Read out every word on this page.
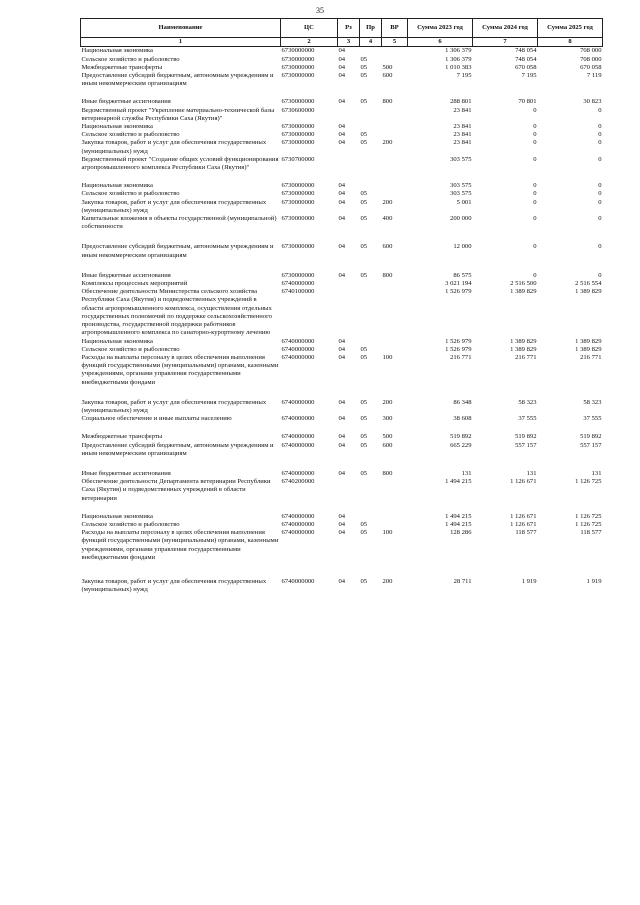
35
Наименование	ЦС	Рз	Пр	ВР	Сумма 2023 год	Сумма 2024 год	Сумма 2025 год
1	2	3	4	5	6	7	8
Национальная экономика	6730000000	04			1 306 379	748 054	708 000
Сельское хозяйство и рыболовство	6730000000	04	05		1 306 379	748 054	708 000
Межбюджетные трансферты	6730000000	04	05	500	1 010 383	670 058	670 058
Предоставление субсидий бюджетным, автономным учреждениям и иным некоммерческим организациям	6730000000	04	05	600	7 195	7 195	7 119
Иные бюджетные ассигнования	6730000000	04	05	800	288 801	70 801	30 823
Ведомственный проект "Укрепление материально-технической базы ветеринарной службы Республики Саха (Якутия)"	6730600000				23 841	0	0
Национальная экономика	6730000000	04			23 841	0	0
Сельское хозяйство и рыболовство	6730000000	04	05		23 841	0	0
Закупка товаров, работ и услуг для обеспечения государственных (муниципальных) нужд	6730000000	04	05	200	23 841	0	0
Ведомственный проект "Создание общих условий функционирования агропромышленного комплекса Республики Саха (Якутия)"	6730700000				303 575	0	0
Национальная экономика	6730000000	04			303 575	0	0
Сельское хозяйство и рыболовство	6730000000	04	05		303 575	0	0
Закупка товаров, работ и услуг для обеспечения государственных (муниципальных) нужд	6730000000	04	05	200	5 001	0	0
Капитальные вложения в объекты государственной (муниципальной) собственности	6730000000	04	05	400	200 000	0	0
Предоставление субсидий бюджетным, автономным учреждениям и иным некоммерческим организациям	6730000000	04	05	600	12 000	0	0
Иные бюджетные ассигнования	6730000000	04	05	800	86 575	0	0
Комплексы процессных мероприятий	6740000000				3 021 194	2 516 500	2 516 554
Обеспечение деятельности Министерства сельского хозяйства Республики Саха (Якутия) и подведомственных учреждений в области агропромышленного комплекса, осуществления отдельных государственных полномочий по поддержке сельскохозяйственного производства, государственной поддержки работников агропромышленного комплекса по санаторно-курортному лечению	6740100000				1 526 979	1 389 829	1 389 829
Национальная экономика	6740000000	04			1 526 979	1 389 829	1 389 829
Сельское хозяйство и рыболовство	6740000000	04	05		1 526 979	1 389 829	1 389 829
Расходы на выплаты персоналу в целях обеспечения выполнения функций государственными (муниципальными) органами, казенными учреждениями, органами управления государственными внебюджетными фондами	6740000000	04	05	100	216 771	216 771	216 771
Закупка товаров, работ и услуг для обеспечения государственных (муниципальных) нужд	6740000000	04	05	200	86 348	58 323	58 323
Социальное обеспечение и иные выплаты населению	6740000000	04	05	300	38 608	37 555	37 555
Межбюджетные трансферты	6740000000	04	05	500	519 892	519 892	519 892
Предоставление субсидий бюджетным, автономным учреждениям и иным некоммерческим организациям	6740000000	04	05	600	665 229	557 157	557 157
Иные бюджетные ассигнования	6740000000	04	05	800	131	131	131
Обеспечение деятельности Департамента ветеринарии Республики Саха (Якутия) и подведомственных учреждений в области ветеринарии	6740200000				1 494 215	1 126 671	1 126 725
Национальная экономика	6740000000	04			1 494 215	1 126 671	1 126 725
Сельское хозяйство и рыболовство	6740000000	04	05		1 494 215	1 126 671	1 126 725
Расходы на выплаты персоналу в целях обеспечения выполнения функций государственными (муниципальными) органами, казенными учреждениями, органами управления государственными внебюджетными фондами	6740000000	04	05	100	128 286	118 577	118 577
Закупка товаров, работ и услуг для обеспечения государственных (муниципальных) нужд	6740000000	04	05	200	28 711	1 919	1 919
